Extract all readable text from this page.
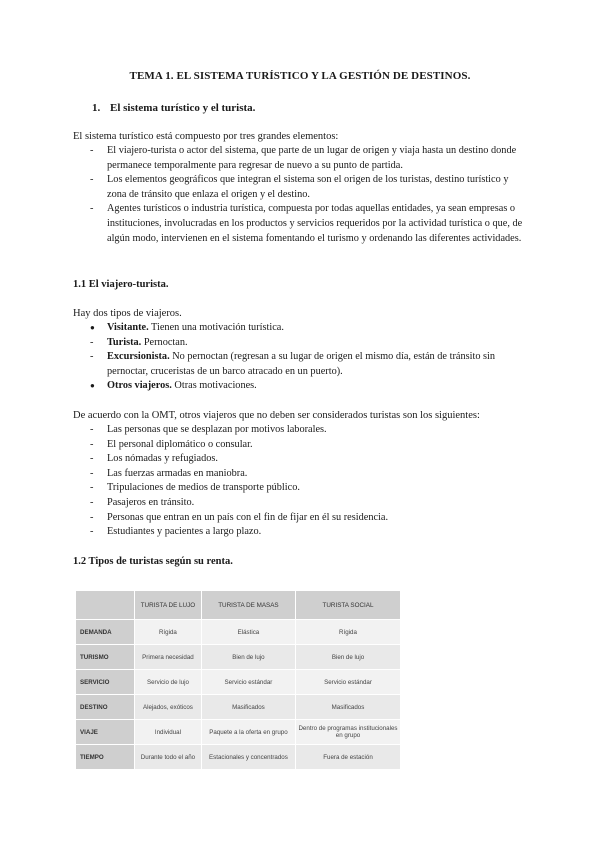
TEMA 1. EL SISTEMA TURÍSTICO Y LA GESTIÓN DE DESTINOS.
1. El sistema turístico y el turista.
El sistema turístico está compuesto por tres grandes elementos:
- El viajero-turista o actor del sistema, que parte de un lugar de origen y viaja hasta un destino donde permanece temporalmente para regresar de nuevo a su punto de partida.
- Los elementos geográficos que integran el sistema son el origen de los turistas, destino turístico y zona de tránsito que enlaza el origen y el destino.
- Agentes turísticos o industria turística, compuesta por todas aquellas entidades, ya sean empresas o instituciones, involucradas en los productos y servicios requeridos por la actividad turística o que, de algún modo, intervienen en el sistema fomentando el turismo y ordenando las diferentes actividades.
1.1 El viajero-turista.
Hay dos tipos de viajeros.
● Visitante. Tienen una motivación turística.
- Turista. Pernoctan.
- Excursionista. No pernoctan (regresan a su lugar de origen el mismo día, están de tránsito sin pernoctar, cruceristas de un barco atracado en un puerto).
● Otros viajeros. Otras motivaciones.
De acuerdo con la OMT, otros viajeros que no deben ser considerados turistas son los siguientes:
- Las personas que se desplazan por motivos laborales.
- El personal diplomático o consular.
- Los nómadas y refugiados.
- Las fuerzas armadas en maniobra.
- Tripulaciones de medios de transporte público.
- Pasajeros en tránsito.
- Personas que entran en un país con el fin de fijar en él su residencia.
- Estudiantes y pacientes a largo plazo.
1.2 Tipos de turistas según su renta.
	TURISTA DE LUJO	TURISTA DE MASAS	TURISTA SOCIAL
DEMANDA	Rígida	Elástica	Rígida
TURISMO	Primera necesidad	Bien de lujo	Bien de lujo
SERVICIO	Servicio de lujo	Servicio estándar	Servicio estándar
DESTINO	Alejados, exóticos	Masificados	Masificados
VIAJE	Individual	Paquete a la oferta en grupo	Dentro de programas institucionales en grupo
TIEMPO	Durante todo el año	Estacionales y concentrados	Fuera de estación
